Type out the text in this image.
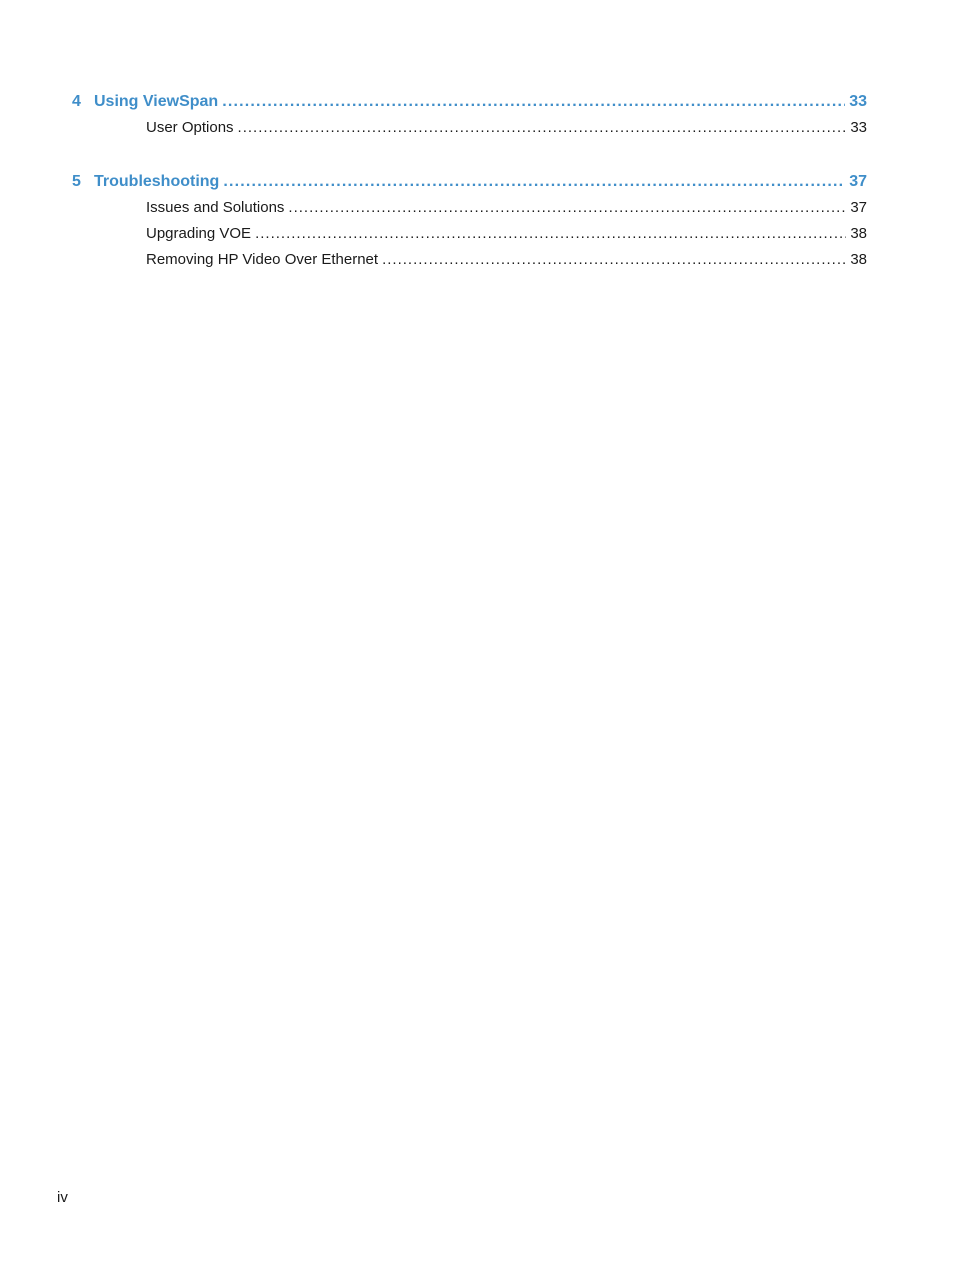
4 Using ViewSpan .....	33
User Options .....	33
5 Troubleshooting .....	37
Issues and Solutions .....	37
Upgrading VOE .....	38
Removing HP Video Over Ethernet .....	38
iv
